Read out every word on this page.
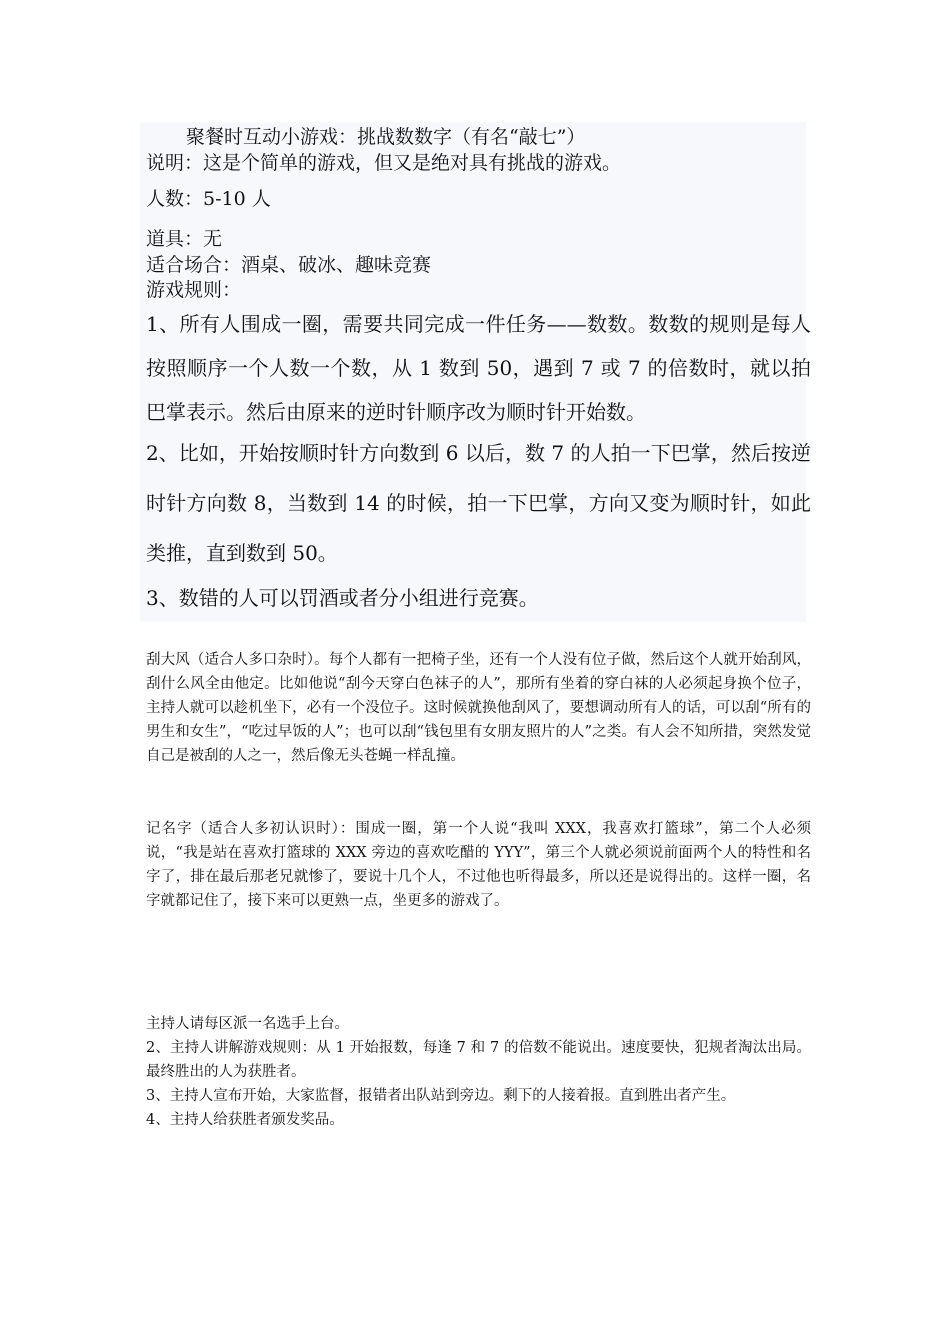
聚餐时互动小游戏：挑战数数字（有名“敲七”）
说明：这是个简单的游戏，但又是绝对具有挑战的游戏。
人数：5-10 人
道具：无
适合场合：酒桌、破冰、趣味竞赛
游戏规则：
1、所有人围成一圈，需要共同完成一件任务——数数。数数的规则是每人按照顺序一个人数一个数，从 1 数到 50，遇到 7 或 7 的倍数时，就以拍巴掌表示。然后由原来的逆时针顺序改为顺时针开始数。
2、比如，开始按顺时针方向数到 6 以后，数 7 的人拍一下巴掌，然后按逆时针方向数 8，当数到 14 的时候，拍一下巴掌，方向又变为顺时针，如此类推，直到数到 50。
3、数错的人可以罚酒或者分小组进行竞赛。
刮大风（适合人多口杂时）。每个人都有一把椅子坐，还有一个人没有位子做，然后这个人就开始刮风，刮什么风全由他定。比如他说“刮今天穿白色袜子的人”，那所有坐着的穿白袜的人必须起身换个位子，主持人就可以趁机坐下，必有一个没位子。这时候就换他刮风了，要想调动所有人的话，可以刮“所有的男生和女生”，“吃过早饭的人”；也可以刮“钱包里有女朋友照片的人”之类。有人会不知所措，突然发觉自己是被刮的人之一，然后像无头苍蝇一样乱撞。
记名字（适合人多初认识时）：围成一圈，第一个人说“我叫 XXX，我喜欢打篮球”，第二个人必须说，“我是站在喜欢打篮球的 XXX 旁边的喜欢吃醋的 YYY”，第三个人就必须说前面两个人的特性和名字了，排在最后那老兄就惨了，要说十几个人，不过他也听得最多，所以还是说得出的。这样一圈，名字就都记住了，接下来可以更熟一点，坐更多的游戏了。
主持人请每区派一名选手上台。
2、主持人讲解游戏规则：从 1 开始报数，每逢 7 和 7 的倍数不能说出。速度要快，犯规者淘汰出局。最终胜出的人为获胜者。
3、主持人宣布开始，大家监督，报错者出队站到旁边。剩下的人接着报。直到胜出者产生。
4、主持人给获胜者颁发奖品。
